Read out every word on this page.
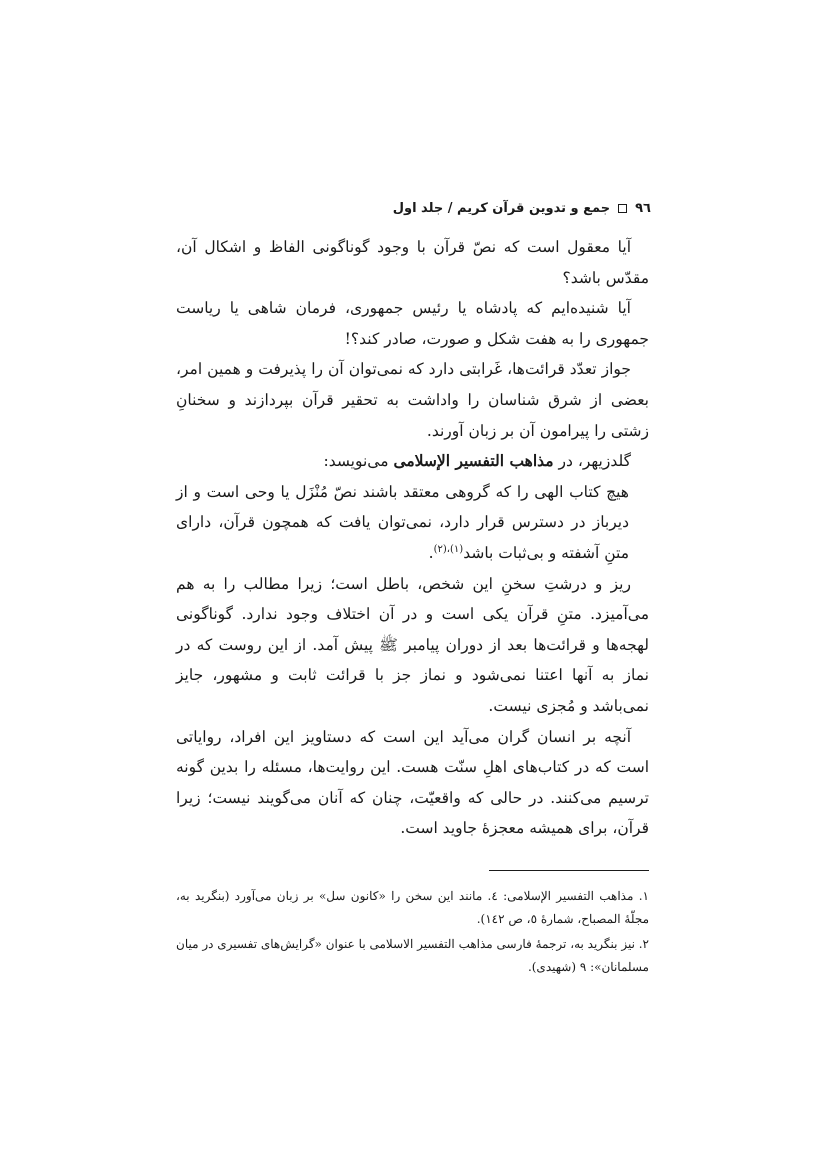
٩٦
جمع و تدوین قرآن کریم / جلد اول

آیا معقول است که نصّ قرآن با وجود گوناگونی الفاظ و اشکال آن، مقدّس باشد؟

آیا شنیده‌ایم که پادشاه یا رئیس جمهوری، فرمان شاهی یا ریاست جمهوری را به هفت شکل و صورت، صادر کند؟!

جواز تعدّد قرائت‌ها، غَرابتی دارد که نمی‌توان آن را پذیرفت و همین امر، بعضی از شرق شناسان را واداشت به تحقیر قرآن بپردازند و سخنانِ زشتی را پیرامون آن بر زبان آورند.

گلدزیهر، در مذاهب التفسیر الإسلامی می‌نویسد:

هیچ کتاب الهی را که گروهی معتقد باشند نصّ مُنْزَل یا وحی است و از دیرباز در دسترس قرار دارد، نمی‌توان یافت که همچون قرآن، دارای متنِ آشفته و بی‌ثبات باشد$^{(١)،(٢)}$.

ریز و درشتِ سخنِ این شخص، باطل است؛ زیرا مطالب را به هم می‌آمیزد. متنِ قرآن یکی است و در آن اختلاف وجود ندارد. گوناگونی لهجه‌ها و قرائت‌ها بعد از دوران پیامبر ﷺ پیش آمد. از این روست که در نماز به آنها اعتنا نمی‌شود و نماز جز با قرائت ثابت و مشهور، جایز نمی‌باشد و مُجزی نیست.

آنچه بر انسان گران می‌آید این است که دستاویز این افراد، روایاتی است که در کتاب‌های اهلِ سنّت هست. این روایت‌ها، مسئله را بدین گونه ترسیم می‌کنند. در حالی که واقعیّت، چنان که آنان می‌گویند نیست؛ زیرا قرآن، برای همیشه معجزهٔ جاوید است.

١. مذاهب التفسیر الإسلامی: ٤. مانند این سخن را «کانون سل» بر زبان می‌آورد (بنگرید به، مجلّهٔ المصباح، شمارهٔ ٥، ص ١٤٢).

٢. نیز بنگرید به، ترجمهٔ فارسی مذاهب التفسیر الاسلامی با عنوان «گرایش‌های تفسیری در میان مسلمانان»: ٩ (شهیدی).
